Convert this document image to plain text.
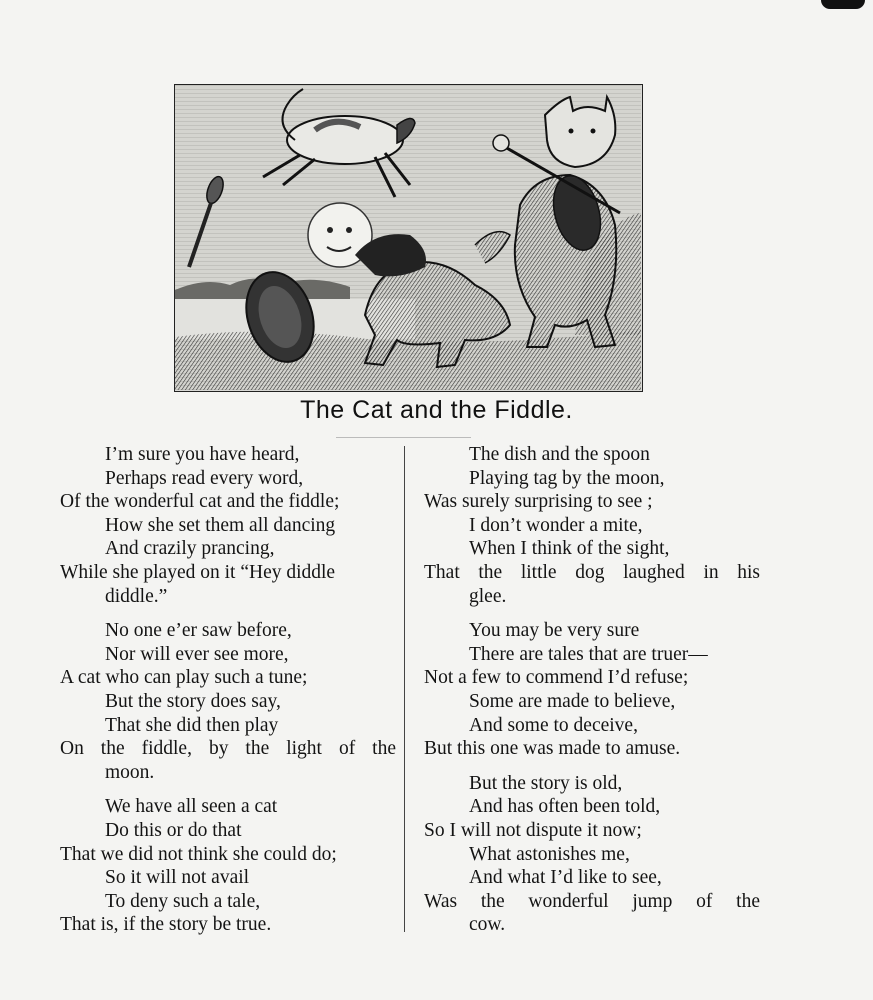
The Cat and the Fiddle.
I’m sure you have heard,
Perhaps read every word,
Of the wonderful cat and the fiddle;
How she set them all dancing
And crazily prancing,
While she played on it “Hey diddle
diddle.”
No one e’er saw before,
Nor will ever see more,
A cat who can play such a tune;
But the story does say,
That she did then play
On the fiddle, by the light of the
moon.
We have all seen a cat
Do this or do that
That we did not think she could do;
So it will not avail
To deny such a tale,
That is, if the story be true.
The dish and the spoon
Playing tag by the moon,
Was surely surprising to see ;
I don’t wonder a mite,
When I think of the sight,
That the little dog laughed in his
glee.
You may be very sure
There are tales that are truer—
Not a few to commend I’d refuse;
Some are made to believe,
And some to deceive,
But this one was made to amuse.
But the story is old,
And has often been told,
So I will not dispute it now;
What astonishes me,
And what I’d like to see,
Was the wonderful jump of the
cow.
